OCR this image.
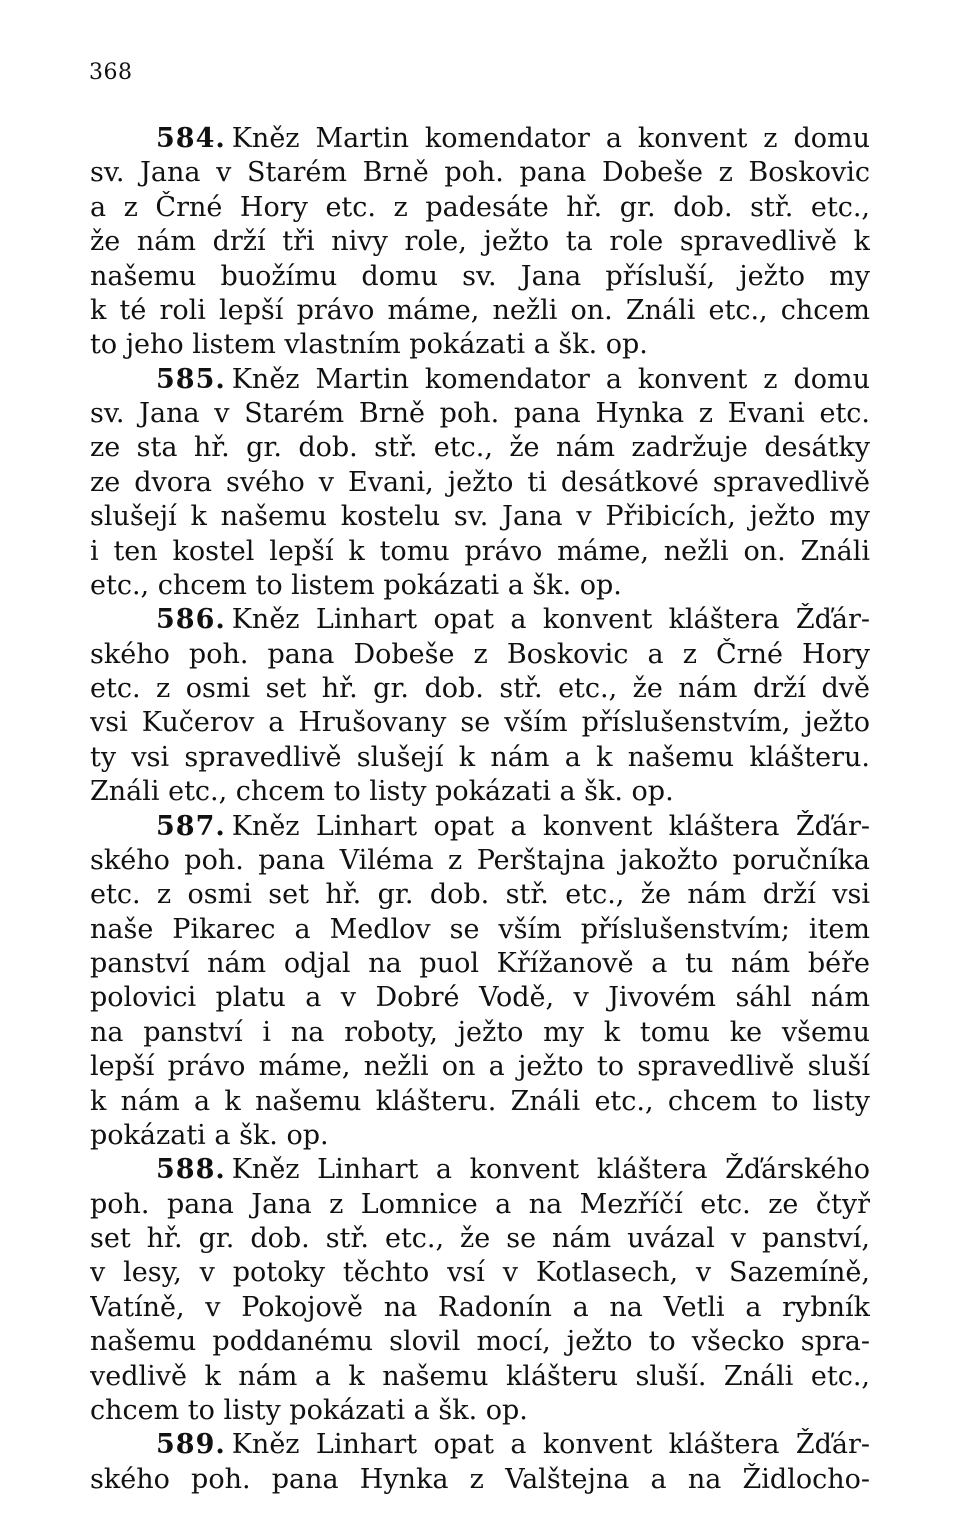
368
584. Kněz Martin komendator a konvent z domu
sv. Jana v Starém Brně poh. pana Dobeše z Boskovic
a z Črné Hory etc. z padesáte hř. gr. dob. stř. etc.,
že nám drží tři nivy role, ježto ta role spravedlivě k
našemu buožímu domu sv. Jana přísluší, ježto my
k té roli lepší právo máme, nežli on. Ználi etc., chcem
to jeho listem vlastním pokázati a šk. op.
585. Kněz Martin komendator a konvent z domu
sv. Jana v Starém Brně poh. pana Hynka z Evani etc.
ze sta hř. gr. dob. stř. etc., že nám zadržuje desátky
ze dvora svého v Evani, ježto ti desátkové spravedlivě
slušejí k našemu kostelu sv. Jana v Přibicích, ježto my
i ten kostel lepší k tomu právo máme, nežli on. Ználi
etc., chcem to listem pokázati a šk. op.
586. Kněz Linhart opat a konvent kláštera Žďár-
ského poh. pana Dobeše z Boskovic a z Črné Hory
etc. z osmi set hř. gr. dob. stř. etc., že nám drží dvě
vsi Kučerov a Hrušovany se vším příslušenstvím, ježto
ty vsi spravedlivě slušejí k nám a k našemu klášteru.
Ználi etc., chcem to listy pokázati a šk. op.
587. Kněz Linhart opat a konvent kláštera Žďár-
ského poh. pana Viléma z Perštajna jakožto poručníka
etc. z osmi set hř. gr. dob. stř. etc., že nám drží vsi
naše Pikarec a Medlov se vším příslušenstvím; item
panství nám odjal na puol Křížanově a tu nám béře
polovici platu a v Dobré Vodě, v Jivovém sáhl nám
na panství i na roboty, ježto my k tomu ke všemu
lepší právo máme, nežli on a ježto to spravedlivě sluší
k nám a k našemu klášteru. Ználi etc., chcem to listy
pokázati a šk. op.
588. Kněz Linhart a konvent kláštera Žďárského
poh. pana Jana z Lomnice a na Mezříčí etc. ze čtyř
set hř. gr. dob. stř. etc., že se nám uvázal v panství,
v lesy, v potoky těchto vsí v Kotlasech, v Sazemíně,
Vatíně, v Pokojově na Radonín a na Vetli a rybník
našemu poddanému slovil mocí, ježto to všecko spra-
vedlivě k nám a k našemu klášteru sluší. Ználi etc.,
chcem to listy pokázati a šk. op.
589. Kněz Linhart opat a konvent kláštera Žďár-
ského poh. pana Hynka z Valštejna a na Židlocho-
